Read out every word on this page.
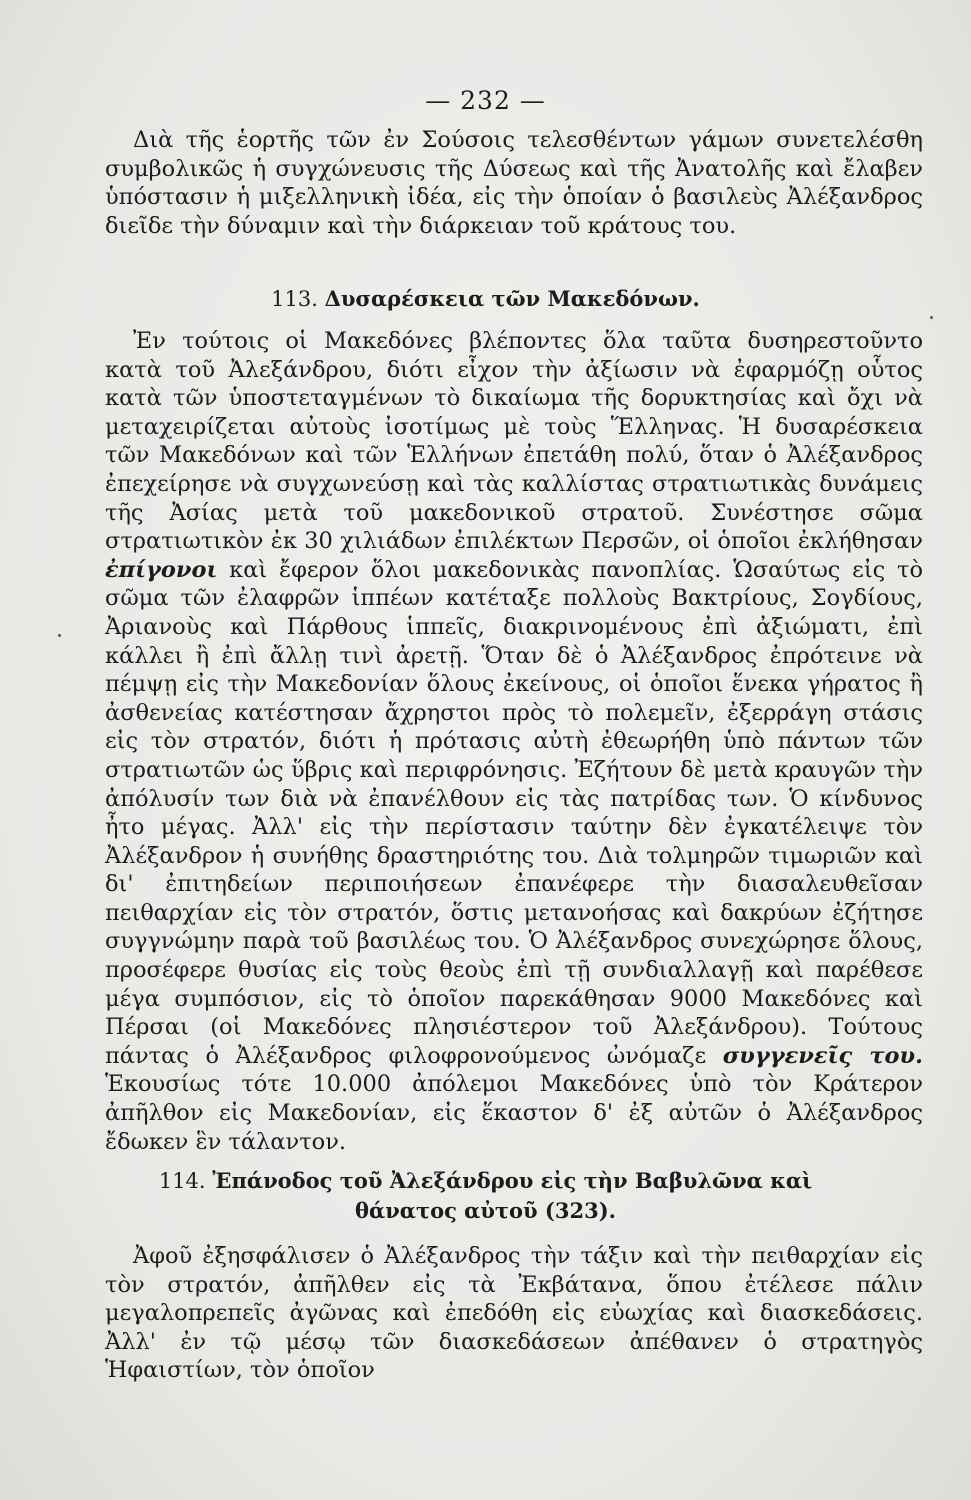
— 232 —

Διὰ τῆς ἑορτῆς τῶν ἐν Σούσοις τελεσθέντων γάμων συνετελέσθη συμβολικῶς ἡ συγχώνευσις τῆς Δύσεως καὶ τῆς Ἀνατολῆς καὶ ἔλαβεν ὑπόστασιν ἡ μιξελληνικὴ ἰδέα, εἰς τὴν ὁποίαν ὁ βασιλεὺς Ἀλέξανδρος διεῖδε τὴν δύναμιν καὶ τὴν διάρκειαν τοῦ κράτους του.

113. Δυσαρέσκεια τῶν Μακεδόνων.

Ἐν τούτοις οἱ Μακεδόνες βλέποντες ὅλα ταῦτα δυσηρεστοῦντο κατὰ τοῦ Ἀλεξάνδρου, διότι εἶχον τὴν ἀξίωσιν νὰ ἐφαρμόζῃ οὗτος κατὰ τῶν ὑποστεταγμένων τὸ δικαίωμα τῆς δορυκτησίας καὶ ὄχι νὰ μεταχειρίζεται αὐτοὺς ἰσοτίμως μὲ τοὺς Ἕλληνας. Ἡ δυσαρέσκεια τῶν Μακεδόνων καὶ τῶν Ἑλλήνων ἐπετάθη πολύ, ὅταν ὁ Ἀλέξανδρος ἐπεχείρησε νὰ συγχωνεύσῃ καὶ τὰς καλλίστας στρατιωτικὰς δυνάμεις τῆς Ἀσίας μετὰ τοῦ μακεδονικοῦ στρατοῦ. Συνέστησε σῶμα στρατιωτικὸν ἐκ 30 χιλιάδων ἐπιλέκτων Περσῶν, οἱ ὁποῖοι ἐκλήθησαν ἐπίγονοι καὶ ἔφερον ὅλοι μακεδονικὰς πανοπλίας. Ὡσαύτως εἰς τὸ σῶμα τῶν ἐλαφρῶν ἱππέων κατέταξε πολλοὺς Βακτρίους, Σογδίους, Ἀριανοὺς καὶ Πάρθους ἱππεῖς, διακρινομένους ἐπὶ ἀξιώματι, ἐπὶ κάλλει ἢ ἐπὶ ἄλλῃ τινὶ ἀρετῇ. Ὅταν δὲ ὁ Ἀλέξανδρος ἐπρότεινε νὰ πέμψῃ εἰς τὴν Μακεδονίαν ὅλους ἐκείνους, οἱ ὁποῖοι ἕνεκα γήρατος ἢ ἀσθενείας κατέστησαν ἄχρηστοι πρὸς τὸ πολεμεῖν, ἐξερράγη στάσις εἰς τὸν στρατόν, διότι ἡ πρότασις αὐτὴ ἐθεωρήθη ὑπὸ πάντων τῶν στρατιωτῶν ὡς ὕβρις καὶ περιφρόνησις. Ἐζήτουν δὲ μετὰ κραυγῶν τὴν ἀπόλυσίν των διὰ νὰ ἐπανέλθουν εἰς τὰς πατρίδας των. Ὁ κίνδυνος ἦτο μέγας. Ἀλλ' εἰς τὴν περίστασιν ταύτην δὲν ἐγκατέλειψε τὸν Ἀλέξανδρον ἡ συνήθης δραστηριότης του. Διὰ τολμηρῶν τιμωριῶν καὶ δι' ἐπιτηδείων περιποιήσεων ἐπανέφερε τὴν διασαλευθεῖσαν πειθαρχίαν εἰς τὸν στρατόν, ὅστις μετανοήσας καὶ δακρύων ἐζήτησε συγγνώμην παρὰ τοῦ βασιλέως του. Ὁ Ἀλέξανδρος συνεχώρησε ὅλους, προσέφερε θυσίας εἰς τοὺς θεοὺς ἐπὶ τῇ συνδιαλλαγῇ καὶ παρέθεσε μέγα συμπόσιον, εἰς τὸ ὁποῖον παρεκάθησαν 9000 Μακεδόνες καὶ Πέρσαι (οἱ Μακεδόνες πλησιέστερον τοῦ Ἀλεξάνδρου). Τούτους πάντας ὁ Ἀλέξανδρος φιλοφρονούμενος ὠνόμαζε συγγενεῖς του. Ἑκουσίως τότε 10.000 ἀπόλεμοι Μακεδόνες ὑπὸ τὸν Κράτερον ἀπῆλθον εἰς Μακεδονίαν, εἰς ἕκαστον δ' ἐξ αὐτῶν ὁ Ἀλέξανδρος ἔδωκεν ἓν τάλαντον.

114. Ἐπάνοδος τοῦ Ἀλεξάνδρου εἰς τὴν Βαβυλῶνα καὶ
θάνατος αὐτοῦ (323).

Ἀφοῦ ἐξησφάλισεν ὁ Ἀλέξανδρος τὴν τάξιν καὶ τὴν πειθαρχίαν εἰς τὸν στρατόν, ἀπῆλθεν εἰς τὰ Ἐκβάτανα, ὅπου ἐτέλεσε πάλιν μεγαλοπρεπεῖς ἀγῶνας καὶ ἐπεδόθη εἰς εὐωχίας καὶ διασκεδάσεις. Ἀλλ' ἐν τῷ μέσῳ τῶν διασκεδάσεων ἀπέθανεν ὁ στρατηγὸς Ἡφαιστίων, τὸν ὁποῖον
